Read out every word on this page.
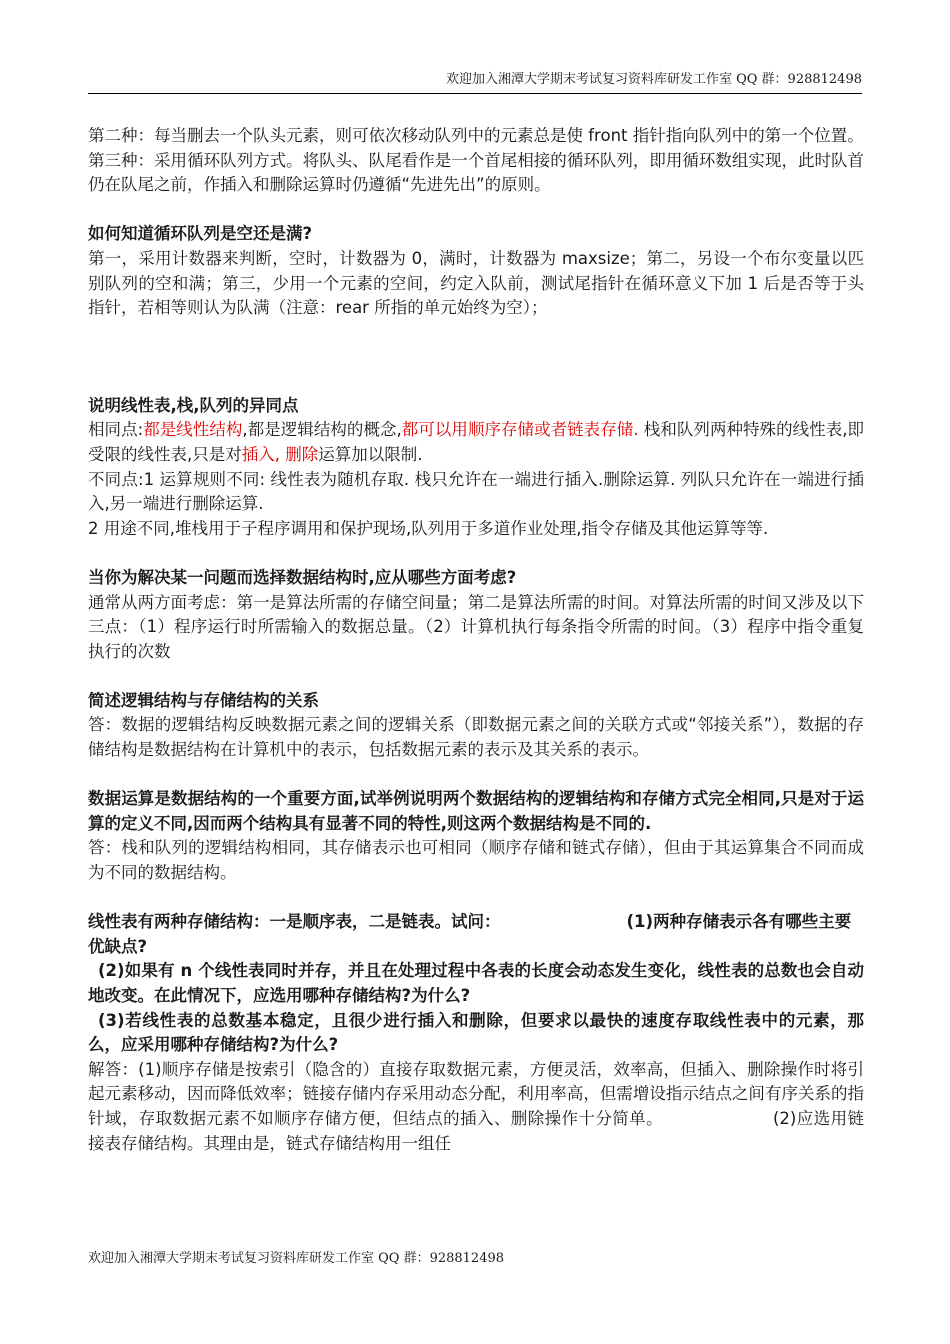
欢迎加入湘潭大学期末考试复习资料库研发工作室 QQ 群：928812498

第二种：每当删去一个队头元素，则可依次移动队列中的元素总是使 front 指针指向队列中的第一个位置。

第三种：采用循环队列方式。将队头、队尾看作是一个首尾相接的循环队列，即用循环数组实现，此时队首仍在队尾之前，作插入和删除运算时仍遵循“先进先出”的原则。

如何知道循环队列是空还是满?

第一，采用计数器来判断，空时，计数器为 0，满时，计数器为 maxsize；第二，另设一个布尔变量以匹别队列的空和满；第三，少用一个元素的空间，约定入队前，测试尾指针在循环意义下加 1 后是否等于头指针，若相等则认为队满（注意：rear 所指的单元始终为空）；

说明线性表,栈,队列的异同点

相同点:都是线性结构,都是逻辑结构的概念,都可以用顺序存储或者链表存储. 栈和队列两种特殊的线性表,即受限的线性表,只是对插入, 删除运算加以限制.

不同点:1 运算规则不同: 线性表为随机存取. 栈只允许在一端进行插入.删除运算. 列队只允许在一端进行插入,另一端进行删除运算.

2 用途不同,堆栈用于子程序调用和保护现场,队列用于多道作业处理,指令存储及其他运算等等.

当你为解决某一问题而选择数据结构时,应从哪些方面考虑?

通常从两方面考虑：第一是算法所需的存储空间量；第二是算法所需的时间。对算法所需的时间又涉及以下三点：（1）程序运行时所需输入的数据总量。（2）计算机执行每条指令所需的时间。（3）程序中指令重复执行的次数

简述逻辑结构与存储结构的关系

答：数据的逻辑结构反映数据元素之间的逻辑关系（即数据元素之间的关联方式或“邻接关系”），数据的存储结构是数据结构在计算机中的表示，包括数据元素的表示及其关系的表示。

数据运算是数据结构的一个重要方面,试举例说明两个数据结构的逻辑结构和存储方式完全相同,只是对于运算的定义不同,因而两个结构具有显著不同的特性,则这两个数据结构是不同的.

答：栈和队列的逻辑结构相同，其存储表示也可相同（顺序存储和链式存储），但由于其运算集合不同而成为不同的数据结构。

线性表有两种存储结构：一是顺序表，二是链表。试问：	(1)两种存储表示各有哪些主要优缺点?

(2)如果有 n 个线性表同时并存，并且在处理过程中各表的长度会动态发生变化，线性表的总数也会自动地改变。在此情况下，应选用哪种存储结构?为什么?

(3)若线性表的总数基本稳定，且很少进行插入和删除，但要求以最快的速度存取线性表中的元素，那么，应采用哪种存储结构?为什么?

解答：(1)顺序存储是按索引（隐含的）直接存取数据元素，方便灵活，效率高，但插入、删除操作时将引起元素移动，因而降低效率；链接存储内存采用动态分配，利用率高，但需增设指示结点之间有序关系的指针域，存取数据元素不如顺序存储方便，但结点的插入、删除操作十分简单。	(2)应选用链接表存储结构。其理由是，链式存储结构用一组任

欢迎加入湘潭大学期末考试复习资料库研发工作室 QQ 群：928812498
